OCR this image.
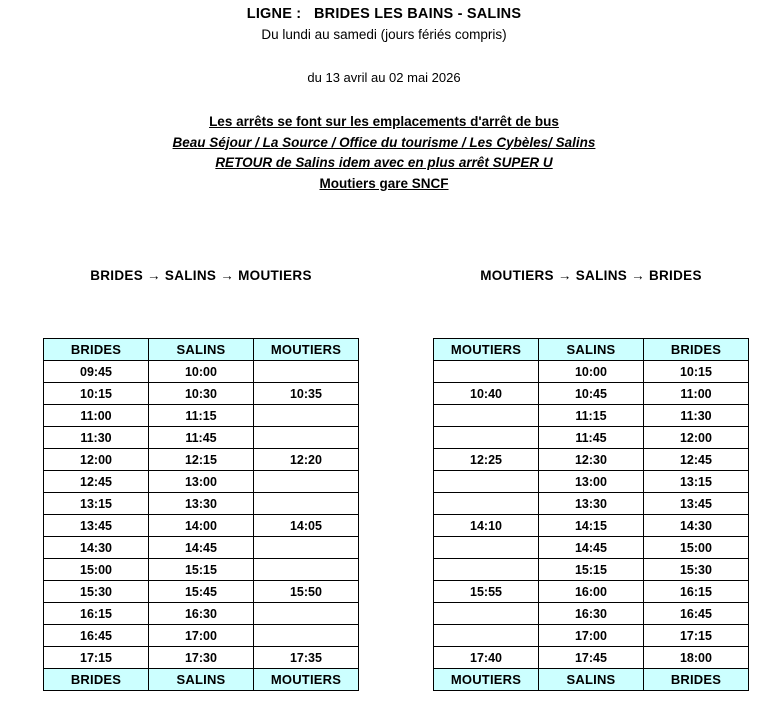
LIGNE :   BRIDES LES BAINS - SALINS
Du lundi au samedi (jours fériés compris)
du 13 avril au 02 mai 2026
Les arrêts se font sur les emplacements d'arrêt de bus
Beau Séjour / La Source / Office du tourisme / Les Cybèles/ Salins
RETOUR de Salins idem avec en plus arrêt SUPER U
Moutiers gare SNCF
BRIDES → SALINS → MOUTIERS	MOUTIERS → SALINS → BRIDES
BRIDES	SALINS	MOUTIERS
09:45	10:00	
10:15	10:30	10:35
11:00	11:15	
11:30	11:45	
12:00	12:15	12:20
12:45	13:00	
13:15	13:30	
13:45	14:00	14:05
14:30	14:45	
15:00	15:15	
15:30	15:45	15:50
16:15	16:30	
16:45	17:00	
17:15	17:30	17:35
BRIDES	SALINS	MOUTIERS
MOUTIERS	SALINS	BRIDES
	10:00	10:15
10:40	10:45	11:00
	11:15	11:30
	11:45	12:00
12:25	12:30	12:45
	13:00	13:15
	13:30	13:45
14:10	14:15	14:30
	14:45	15:00
	15:15	15:30
15:55	16:00	16:15
	16:30	16:45
	17:00	17:15
17:40	17:45	18:00
MOUTIERS	SALINS	BRIDES
